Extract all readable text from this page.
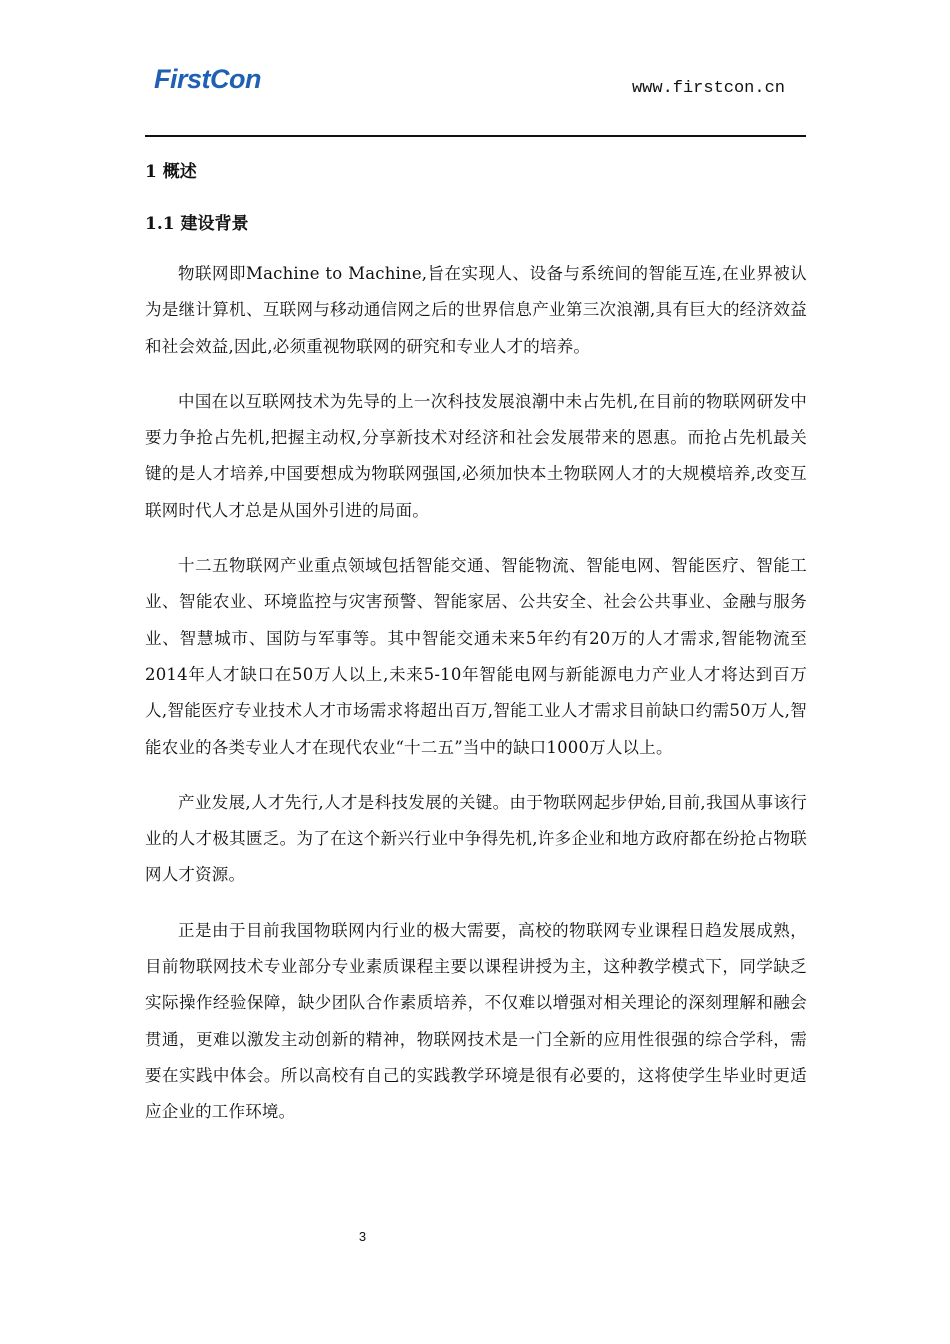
FirstCon	www.firstcon.cn
1 概述
1.1 建设背景

物联网即Machine to Machine,旨在实现人、设备与系统间的智能互连,在业界被认为是继计算机、互联网与移动通信网之后的世界信息产业第三次浪潮,具有巨大的经济效益和社会效益,因此,必须重视物联网的研究和专业人才的培养。

中国在以互联网技术为先导的上一次科技发展浪潮中未占先机,在目前的物联网研发中要力争抢占先机,把握主动权,分享新技术对经济和社会发展带来的恩惠。而抢占先机最关键的是人才培养,中国要想成为物联网强国,必须加快本土物联网人才的大规模培养,改变互联网时代人才总是从国外引进的局面。

十二五物联网产业重点领域包括智能交通、智能物流、智能电网、智能医疗、智能工业、智能农业、环境监控与灾害预警、智能家居、公共安全、社会公共事业、金融与服务业、智慧城市、国防与军事等。其中智能交通未来5年约有20万的人才需求,智能物流至2014年人才缺口在50万人以上,未来5-10年智能电网与新能源电力产业人才将达到百万人,智能医疗专业技术人才市场需求将超出百万,智能工业人才需求目前缺口约需50万人,智能农业的各类专业人才在现代农业“十二五”当中的缺口1000万人以上。

产业发展,人才先行,人才是科技发展的关键。由于物联网起步伊始,目前,我国从事该行业的人才极其匮乏。为了在这个新兴行业中争得先机,许多企业和地方政府都在纷抢占物联网人才资源。

正是由于目前我国物联网内行业的极大需要，高校的物联网专业课程日趋发展成熟，目前物联网技术专业部分专业素质课程主要以课程讲授为主，这种教学模式下，同学缺乏实际操作经验保障，缺少团队合作素质培养，不仅难以增强对相关理论的深刻理解和融会贯通，更难以激发主动创新的精神，物联网技术是一门全新的应用性很强的综合学科，需要在实践中体会。所以高校有自己的实践教学环境是很有必要的，这将使学生毕业时更适应企业的工作环境。

3
